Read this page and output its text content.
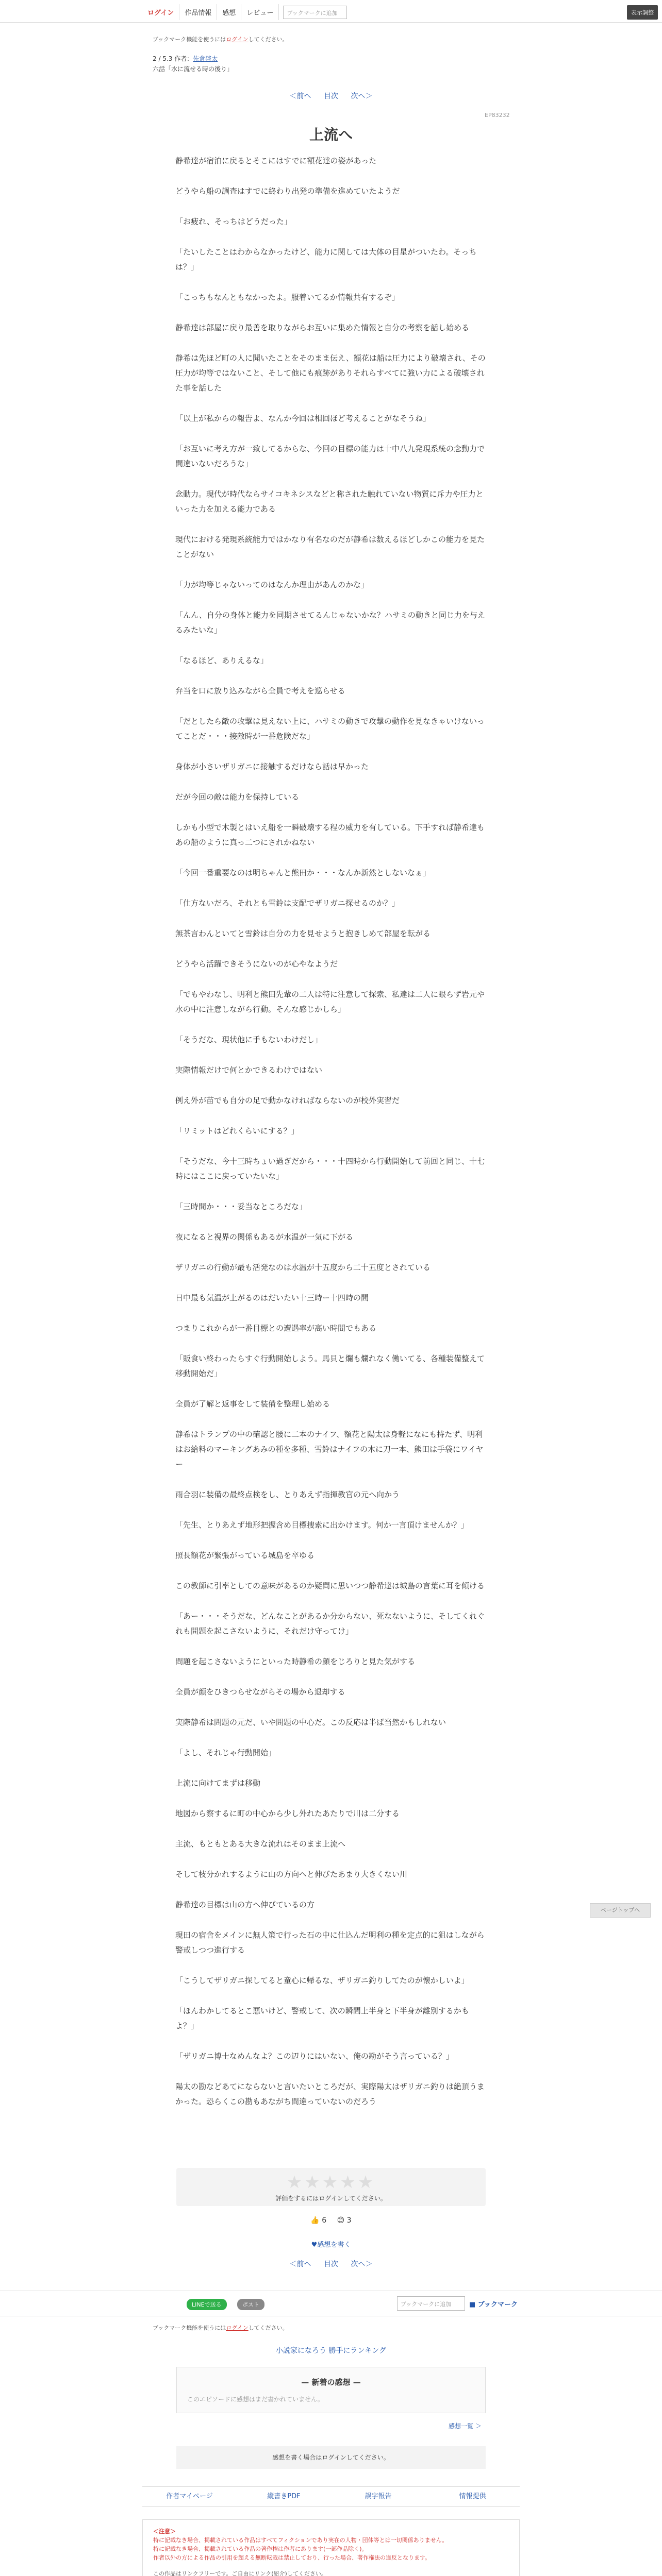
ログイン	作品情報	感想	レビュー	ブックマークに追加	表示調整
ブックマーク機能を使うにはログインしてください。
2 / 5.3 作者：佐倉啓太
六話「水に流せる時の後り」
＜前へ 目次 次へ＞
EP83232
上流へ

静希達が宿泊に戻るとそこにはすでに額花達の姿があった

どうやら船の調査はすでに終わり出発の準備を進めていたようだ

「お疲れ、そっちはどうだった」

「たいしたことはわからなかったけど、能力に関しては大体の目星がついたわ。そっちは？」

「こっちもなんともなかったよ。服着いてるか情報共有するぞ」

静希達は部屋に戻り最善を取りながらお互いに集めた情報と自分の考察を話し始める

静希は先ほど町の人に聞いたことをそのまま伝え、額花は船は圧力により破壊され、その圧力が均等ではないこと、そして他にも痕跡がありそれらすべてに強い力による破壊された事を話した

「以上が私からの報告よ、なんか今回は相回ほど考えることがなそうね」

「お互いに考え方が一致してるからな、今回の目標の能力は十中八九発現系統の念動力で間違いないだろうな」

念動力。現代が時代ならサイコキネシスなどと称された触れていない物質に斥力や圧力といった力を加える能力である

現代における発現系統能力ではかなり有名なのだが静希は数えるほどしかこの能力を見たことがない

「力が均等じゃないってのはなんか理由があんのかな」

「んん、自分の身体と能力を同期させてるんじゃないかな？ハサミの動きと同じ力を与えるみたいな」

「なるほど、ありえるな」

弁当を口に放り込みながら全員で考えを巡らせる

「だとしたら敵の攻撃は見えない上に、ハサミの動きで攻撃の動作を見なきゃいけないってことだ・・・接敵時が一番危険だな」

身体が小さいザリガニに接触するだけなら話は早かった

だが今回の敵は能力を保持している

しかも小型で木製とはいえ船を一瞬破壊する程の威力を有している。下手すれば静希達もあの船のように真っ二つにされかねない

「今回一番重要なのは明ちゃんと熊田か・・・なんか新然としないなぁ」

「仕方ないだろ、それとも雪鈴は支配でザリガニ探せるのか？」

無茶言わんといてと雪鈴は自分の力を見せようと抱きしめて部屋を転がる

どうやら活躍できそうにないのが心やなようだ

「でもやわなし、明利と熊田先輩の二人は特に注意して探索、私達は二人に眼らず岩元や水の中に注意しながら行動。そんな感じかしら」

「そうだな、現状他に手もないわけだし」

実際情報だけで何とかできるわけではない

例え外が苗でも自分の足で動かなければならないのが校外実習だ

「リミットはどれくらいにする？」

「そうだな、今十三時ちょい過ぎだから・・・十四時から行動開始して前回と同じ、十七時にはここに戻っていたいな」

「三時間か・・・妥当なところだな」

夜になると視界の関係もあるが水温が一気に下がる

ザリガニの行動が最も活発なのは水温が十五度から二十五度とされている

日中最も気温が上がるのはだいたい十三時ー十四時の間

つまりこれからが一番目標との遭遇率が高い時間でもある

「販食い終わったらすぐ行動開始しよう。馬貝と爛も爛れなく働いてる、各種装備整えて移動開始だ」

全員が了解と返事をして装備を整理し始める

静希はトランプの中の確認と腰に二本のナイフ、額花と陽太は身軽になにも持たず、明利はお給料のマーキングあみの種を多種、雪鈴はナイフの木に刀一本、熊田は手袋にワイヤー

雨合羽に装備の最終点検をし、とりあえず指揮教官の元へ向かう

「先生、とりあえず地形把握含め目標捜索に出かけます。何か一言頂けませんか？」

照長額花が緊張がっている城島を卒ゆる

この教師に引率としての意味があるのか疑問に思いつつ静希達は城島の言葉に耳を傾ける

「あー・・・そうだな、どんなことがあるか分からない、死なないように、そしてくれぐれも問題を起こさないように、それだけ守ってけ」

問題を起こさないようにといった時静希の顔をじろりと見た気がする

全員が顔をひきつらせながらその場から退却する

実際静希は問題の元だ、いや問題の中心だ。この反応は半ば当然かもしれない

「よし、それじゃ行動開始」

上流に向けてまずは移動

地図から察するに町の中心から少し外れたあたりで川は二分する

主流、もともとある大きな流れはそのまま上流へ

そして枝分かれするように山の方向へと伸びたあまり大きくない川

静希達の目標は山の方へ伸びているの方

現田の宿舎をメインに無人策で行った石の中に仕込んだ明利の種を定点的に狙はしながら警戒しつつ進行する

「こうしてザリガニ探してると童心に帰るな、ザリガニ釣りしてたのが懐かしいよ」

「ほんわかしてるとこ悪いけど、警戒して、次の瞬間上半身と下半身が離別するかもよ？」

「ザリガニ博士なめんなよ？この辺りにはいない、俺の勘がそう言っている？」

陽太の勘などあてにならないと言いたいところだが、実際陽太はザリガニ釣りは絶頂うまかった。恐らくこの勘もあながち間違っていないのだろう

ページトップへ
★★★★★
評価をするにはログインしてください。
👍 6 😊 3
♥感想を書く
＜前へ 目次 次へ＞
LINEで送る	ポスト	ブックマークに追加	■ ブックマーク
ブックマーク機能を使うにはログインしてください。
小説家になろう 勝手にランキング
— 新着の感想 —
このエピソードに感想はまだ書かれていません。
感想一覧 ＞
感想を書く場合はログインしてください。
作者マイページ	縦書きPDF	誤字報告	情報提供
＜注意＞
特に記載なき場合、掲載されている作品はすべてフィクションであり実在の人物・団体等とは一切関係ありません。
特に記載なき場合、掲載されている作品の著作権は作者にあります(一部作品除く)。
作者以外の方による作品の引用を超える無断転載は禁止しており、行った場合、著作権法の違反となります。
この作品はリンクフリーです。ご自由にリンク(紹介)してください。
